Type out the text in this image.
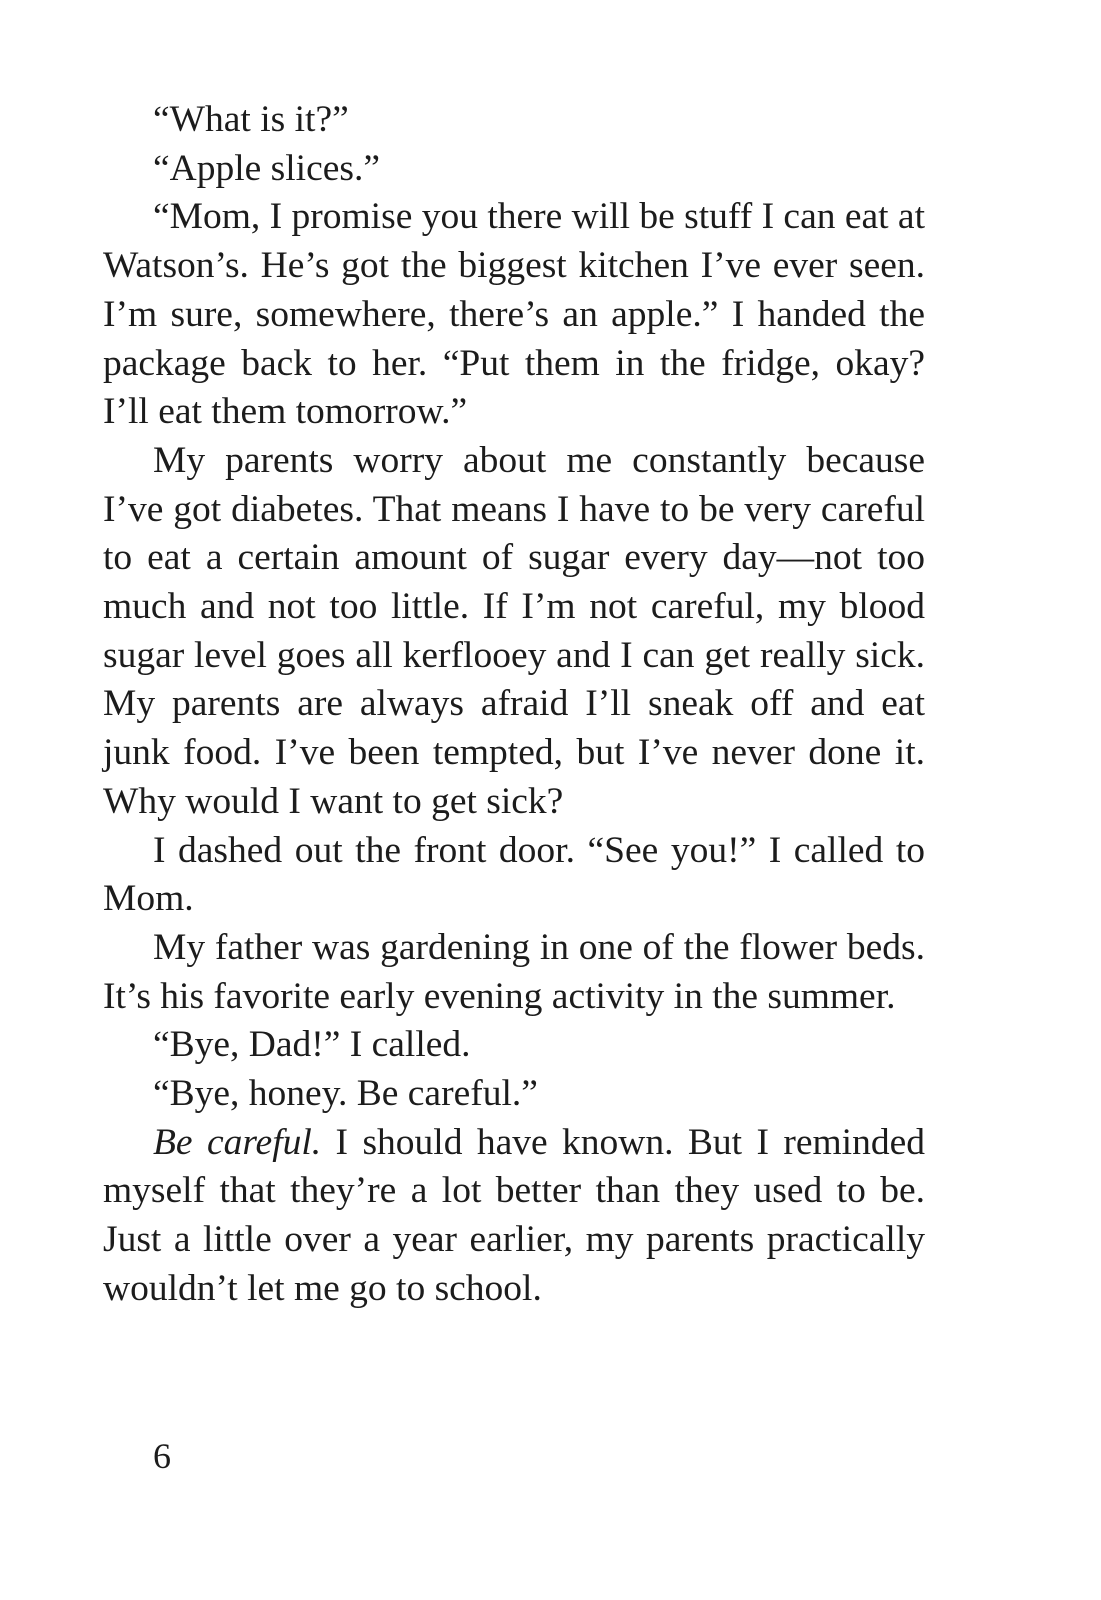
“What is it?”

“Apple slices.”

“Mom, I promise you there will be stuff I can eat at Watson’s. He’s got the biggest kitchen I’ve ever seen. I’m sure, somewhere, there’s an apple.” I handed the package back to her. “Put them in the fridge, okay? I’ll eat them tomorrow.”

My parents worry about me constantly because I’ve got diabetes. That means I have to be very careful to eat a certain amount of sugar every day—not too much and not too little. If I’m not careful, my blood sugar level goes all kerflooey and I can get really sick. My parents are always afraid I’ll sneak off and eat junk food. I’ve been tempted, but I’ve never done it. Why would I want to get sick?

I dashed out the front door. “See you!” I called to Mom.

My father was gardening in one of the flower beds. It’s his favorite early evening activity in the summer.

“Bye, Dad!” I called.

“Bye, honey. Be careful.”

Be careful. I should have known. But I reminded myself that they’re a lot better than they used to be. Just a little over a year earlier, my parents practically wouldn’t let me go to school.

6
